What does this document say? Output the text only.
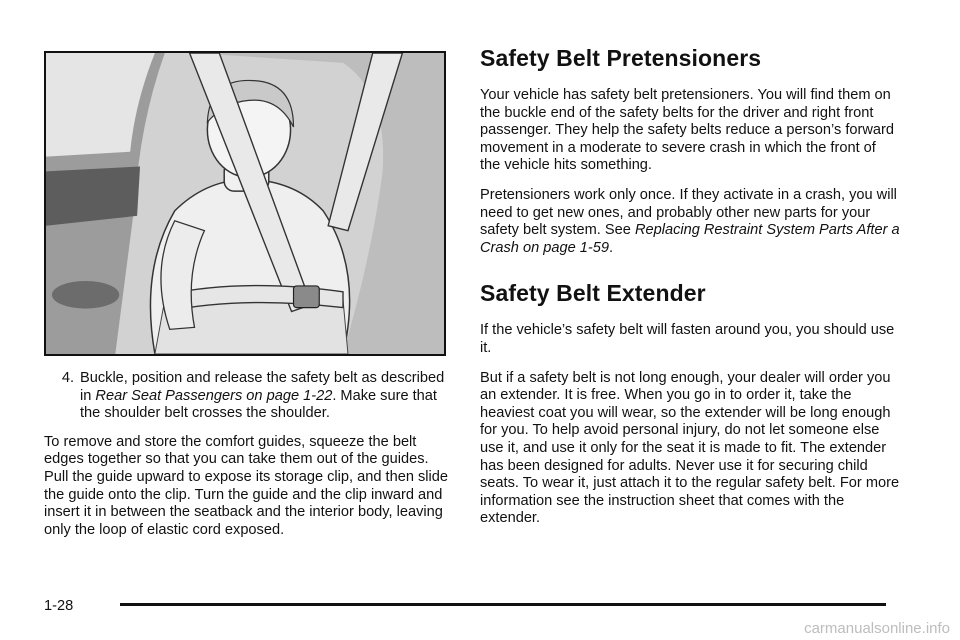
4. Buckle, position and release the safety belt as described in Rear Seat Passengers on page 1-22. Make sure that the shoulder belt crosses the shoulder.

To remove and store the comfort guides, squeeze the belt edges together so that you can take them out of the guides. Pull the guide upward to expose its storage clip, and then slide the guide onto the clip. Turn the guide and the clip inward and insert it in between the seatback and the interior body, leaving only the loop of elastic cord exposed.

Safety Belt Pretensioners

Your vehicle has safety belt pretensioners. You will find them on the buckle end of the safety belts for the driver and right front passenger. They help the safety belts reduce a person’s forward movement in a moderate to severe crash in which the front of the vehicle hits something.

Pretensioners work only once. If they activate in a crash, you will need to get new ones, and probably other new parts for your safety belt system. See Replacing Restraint System Parts After a Crash on page 1-59.

Safety Belt Extender

If the vehicle’s safety belt will fasten around you, you should use it.

But if a safety belt is not long enough, your dealer will order you an extender. It is free. When you go in to order it, take the heaviest coat you will wear, so the extender will be long enough for you. To help avoid personal injury, do not let someone else use it, and use it only for the seat it is made to fit. The extender has been designed for adults. Never use it for securing child seats. To wear it, just attach it to the regular safety belt. For more information see the instruction sheet that comes with the extender.

1-28
carmanualsonline.info
